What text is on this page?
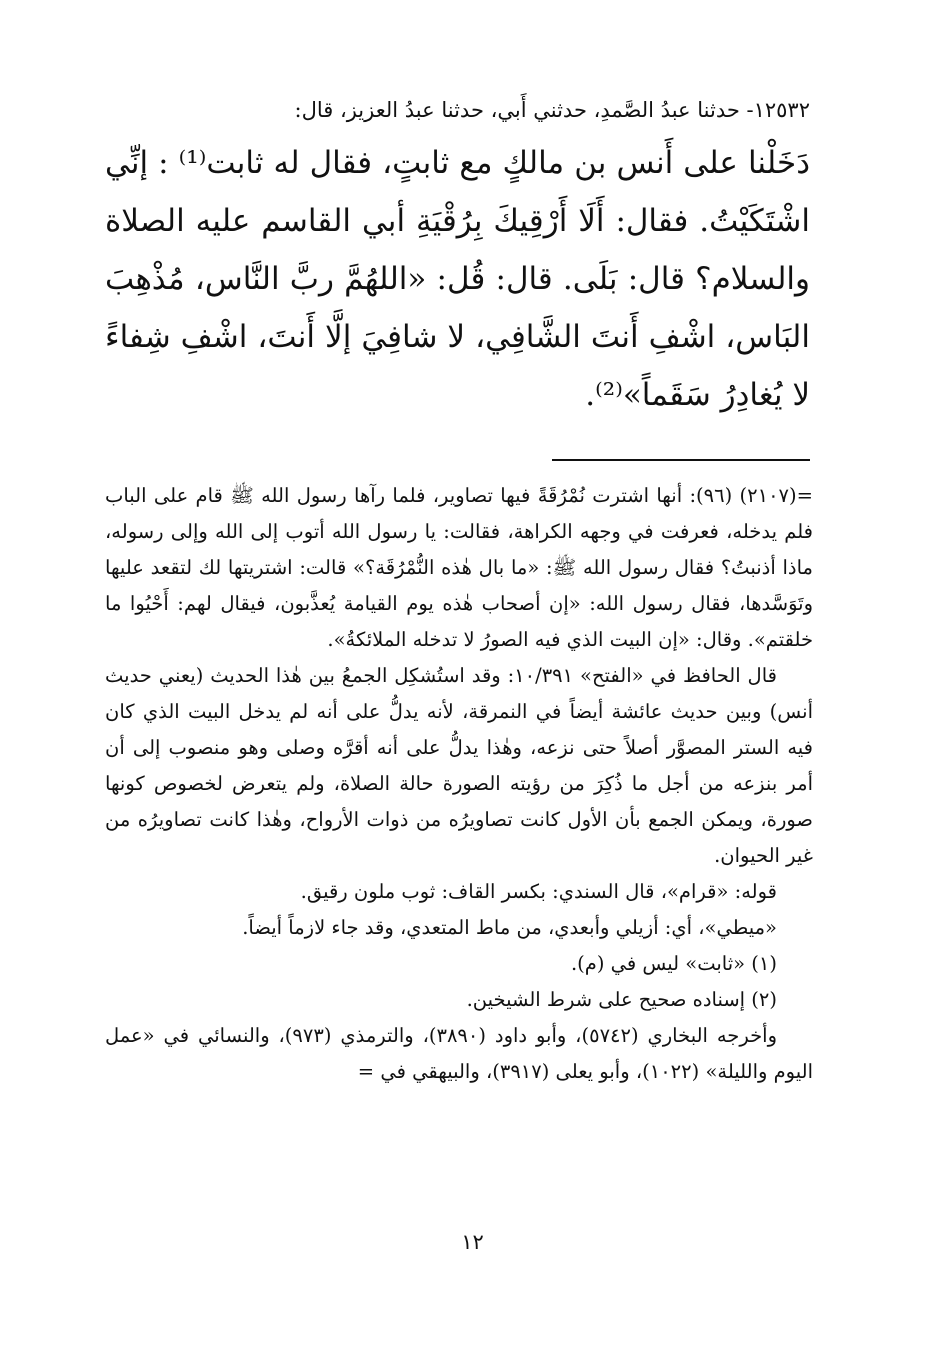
١٢٥٣٢- حدثنا عبدُ الصَّمدِ، حدثني أَبي، حدثنا عبدُ العزيز، قال:

دَخَلْنا على أَنس بن مالكٍ مع ثابتٍ، فقال له ثابت⁽¹⁾ : إنِّي اشْتَكَيْتُ. فقال: أَلَا أَرْقِيكَ بِرُقْيَةِ أبي القاسم عليه الصلاة والسلام؟ قال: بَلَى. قال: قُل: «اللهُمَّ ربَّ النَّاس، مُذْهِبَ البَاس، اشْفِ أَنتَ الشَّافِي، لا شافِيَ إلَّا أَنتَ، اشْفِ شِفاءً لا يُغادِرُ سَقَماً»⁽²⁾.

=(٢١٠٧) (٩٦): أنها اشترت نُمْرُقَةً فيها تصاوير، فلما رآها رسول الله ﷺ قام على الباب فلم يدخله، فعرفت في وجهه الكراهة، فقالت: يا رسول الله أتوب إلى الله وإلى رسوله، ماذا أذنبتُ؟ فقال رسول الله ﷺ: «ما بال هٰذه النُّمْرُقَة؟» قالت: اشتريتها لك لتقعد عليها وتَوَسَّدها، فقال رسول الله: «إن أصحاب هٰذه يوم القيامة يُعذَّبون، فيقال لهم: أَحْيُوا ما خلقتم». وقال: «إن البيت الذي فيه الصورُ لا تدخله الملائكةُ».

قال الحافظ في «الفتح» ١٠/٣٩١: وقد استُشكِل الجمعُ بين هٰذا الحديث (يعني حديث أنس) وبين حديث عائشة أيضاً في النمرقة، لأنه يدلُّ على أنه لم يدخل البيت الذي كان فيه الستر المصوَّر أصلاً حتى نزعه، وهٰذا يدلُّ على أنه أقرَّه وصلى وهو منصوب إلى أن أمر بنزعه من أجل ما ذُكِرَ من رؤيته الصورة حالة الصلاة، ولم يتعرض لخصوص كونها صورة، ويمكن الجمع بأن الأول كانت تصاويرُه من ذوات الأرواح، وهٰذا كانت تصاويرُه من غير الحيوان.

قوله: «قرام»، قال السندي: بكسر القاف: ثوب ملون رقيق.

«ميطي»، أي: أزيلي وأبعدي، من ماط المتعدي، وقد جاء لازماً أيضاً.

(١) «ثابت» ليس في (م).

(٢) إسناده صحيح على شرط الشيخين.

وأخرجه البخاري (٥٧٤٢)، وأبو داود (٣٨٩٠)، والترمذي (٩٧٣)، والنسائي في «عمل اليوم والليلة» (١٠٢٢)، وأبو يعلى (٣٩١٧)، والبيهقي في =

١٢
